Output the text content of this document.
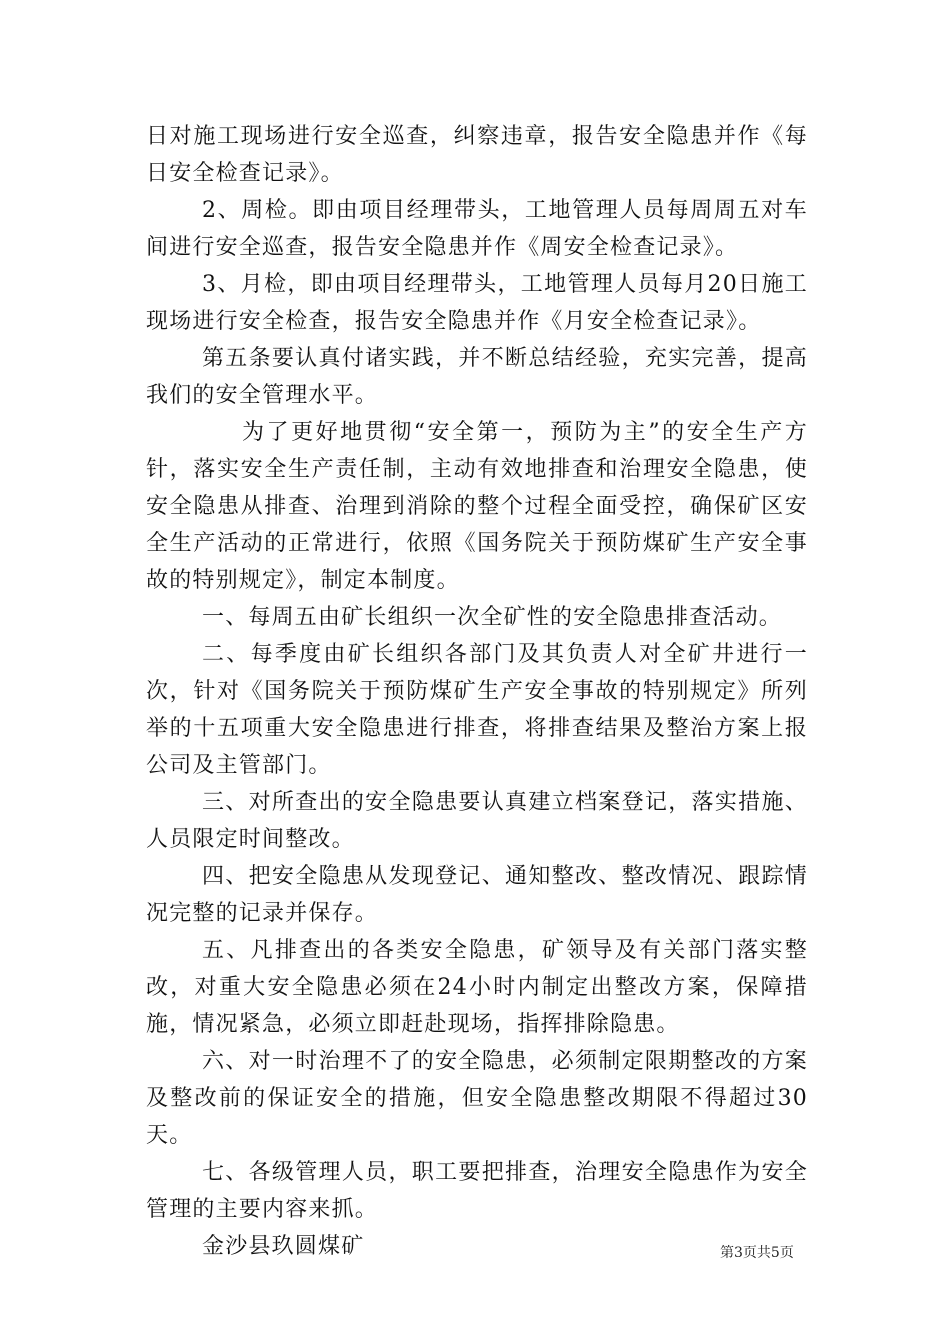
日对施工现场进行安全巡查，纠察违章，报告安全隐患并作《每日安全检查记录》。

2、周检。即由项目经理带头，工地管理人员每周周五对车间进行安全巡查，报告安全隐患并作《周安全检查记录》。

3、月检，即由项目经理带头，工地管理人员每月20日施工现场进行安全检查，报告安全隐患并作《月安全检查记录》。

第五条要认真付诸实践，并不断总结经验，充实完善，提高我们的安全管理水平。

为了更好地贯彻“安全第一，预防为主”的安全生产方针，落实安全生产责任制，主动有效地排查和治理安全隐患，使安全隐患从排查、治理到消除的整个过程全面受控，确保矿区安全生产活动的正常进行，依照《国务院关于预防煤矿生产安全事故的特别规定》，制定本制度。

一、每周五由矿长组织一次全矿性的安全隐患排查活动。

二、每季度由矿长组织各部门及其负责人对全矿井进行一次，针对《国务院关于预防煤矿生产安全事故的特别规定》所列举的十五项重大安全隐患进行排查，将排查结果及整治方案上报公司及主管部门。

三、对所查出的安全隐患要认真建立档案登记，落实措施、人员限定时间整改。

四、把安全隐患从发现登记、通知整改、整改情况、跟踪情况完整的记录并保存。

五、凡排查出的各类安全隐患，矿领导及有关部门落实整改，对重大安全隐患必须在24小时内制定出整改方案，保障措施，情况紧急，必须立即赶赴现场，指挥排除隐患。

六、对一时治理不了的安全隐患，必须制定限期整改的方案及整改前的保证安全的措施，但安全隐患整改期限不得超过30天。

七、各级管理人员，职工要把排查，治理安全隐患作为安全管理的主要内容来抓。

金沙县玖圆煤矿	第3页共5页
